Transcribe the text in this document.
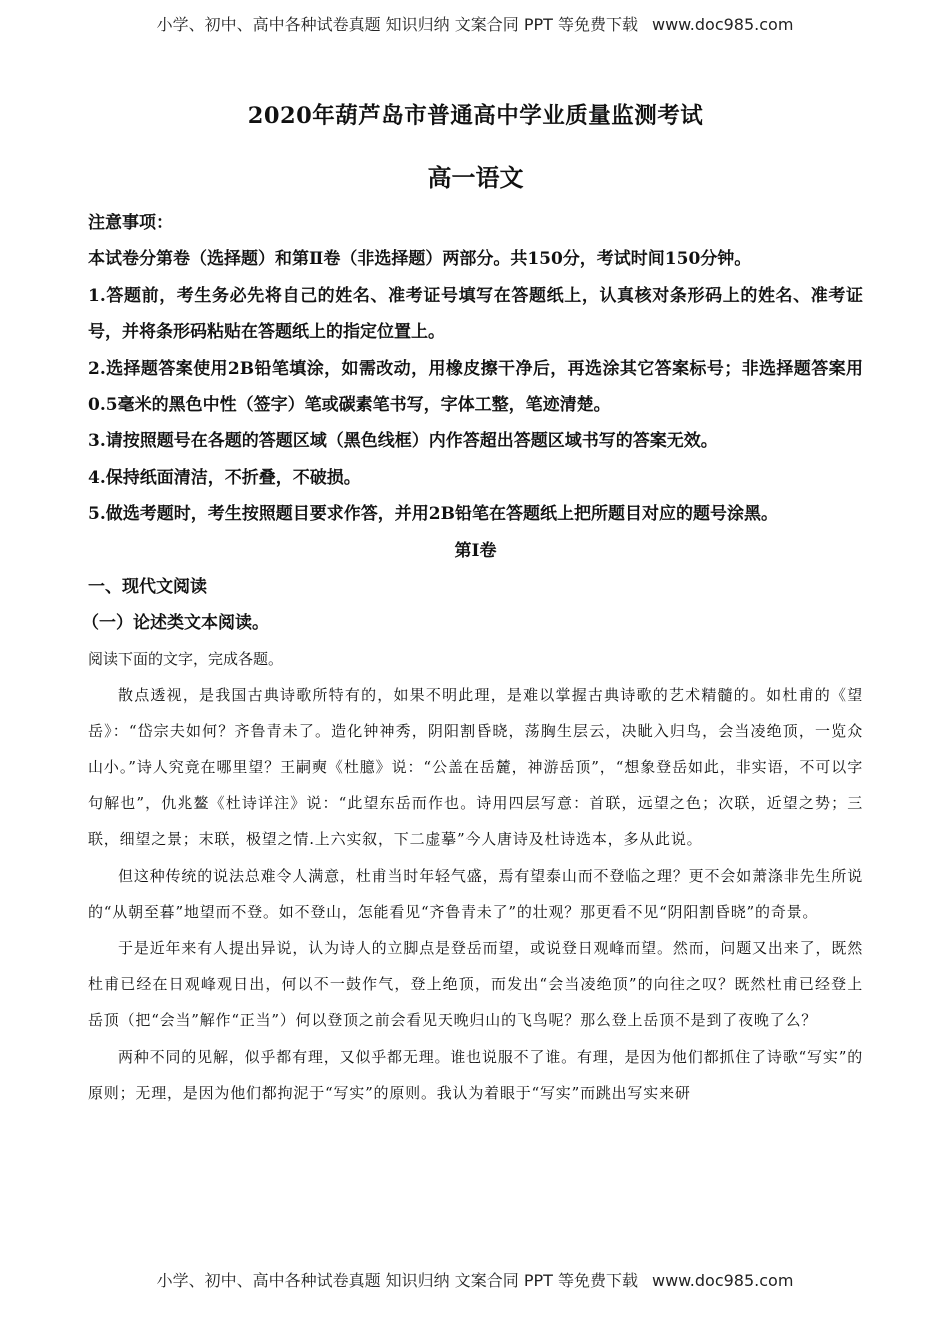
小学、初中、高中各种试卷真题 知识归纳 文案合同 PPT 等免费下载 www.doc985.com
2020年葫芦岛市普通高中学业质量监测考试
高一语文

注意事项：

本试卷分第卷（选择题）和第Ⅱ卷（非选择题）两部分。共150分，考试时间150分钟。

1.答题前，考生务必先将自己的姓名、准考证号填写在答题纸上，认真核对条形码上的姓名、准考证号，并将条形码粘贴在答题纸上的指定位置上。

2.选择题答案使用2B铅笔填涂，如需改动，用橡皮擦干净后，再选涂其它答案标号；非选择题答案用0.5毫米的黑色中性（签字）笔或碳素笔书写，字体工整，笔迹清楚。

3.请按照题号在各题的答题区域（黑色线框）内作答超出答题区域书写的答案无效。

4.保持纸面清洁，不折叠，不破损。

5.做选考题时，考生按照题目要求作答，并用2B铅笔在答题纸上把所题目对应的题号涂黑。

第Ⅰ卷

一、现代文阅读

（一）论述类文本阅读。

阅读下面的文字，完成各题。

散点透视，是我国古典诗歌所特有的，如果不明此理，是难以掌握古典诗歌的艺术精髓的。如杜甫的《望岳》：“岱宗夫如何？齐鲁青未了。造化钟神秀，阴阳割昏晓，荡胸生层云，决眦入归鸟，会当凌绝顶，一览众山小。”诗人究竟在哪里望？王嗣奭《杜臆》说：“公盖在岳麓，神游岳顶”，“想象登岳如此，非实语，不可以字句解也”，仇兆鳌《杜诗详注》说：“此望东岳而作也。诗用四层写意：首联，远望之色；次联，近望之势；三联，细望之景；末联，极望之情.上六实叙，下二虚摹”今人唐诗及杜诗选本，多从此说。

但这种传统的说法总难令人满意，杜甫当时年轻气盛，焉有望泰山而不登临之理？更不会如萧涤非先生所说的“从朝至暮”地望而不登。如不登山，怎能看见“齐鲁青未了”的壮观？那更看不见“阴阳割昏晓”的奇景。

于是近年来有人提出异说，认为诗人的立脚点是登岳而望，或说登日观峰而望。然而，问题又出来了，既然杜甫已经在日观峰观日出，何以不一鼓作气，登上绝顶，而发出“会当凌绝顶”的向往之叹？既然杜甫已经登上岳顶（把“会当”解作“正当”）何以登顶之前会看见天晚归山的飞鸟呢？那么登上岳顶不是到了夜晚了么？

两种不同的见解，似乎都有理，又似乎都无理。谁也说服不了谁。有理，是因为他们都抓住了诗歌“写实”的原则；无理，是因为他们都拘泥于“写实”的原则。我认为着眼于“写实”而跳出写实来研

小学、初中、高中各种试卷真题 知识归纳 文案合同 PPT 等免费下载 www.doc985.com
